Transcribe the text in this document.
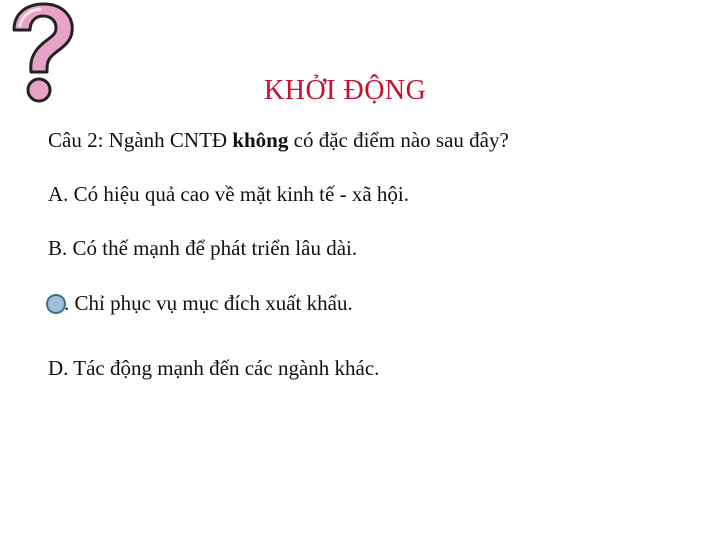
KHỞI ĐỘNG
Câu 2: Ngành CNTĐ không có đặc điểm nào sau đây?
A. Có hiệu quả cao về mặt kinh tế - xã hội.
B. Có thế mạnh để phát triển lâu dài.
. Chỉ phục vụ mục đích xuất khẩu.
D. Tác động mạnh đến các ngành khác.
